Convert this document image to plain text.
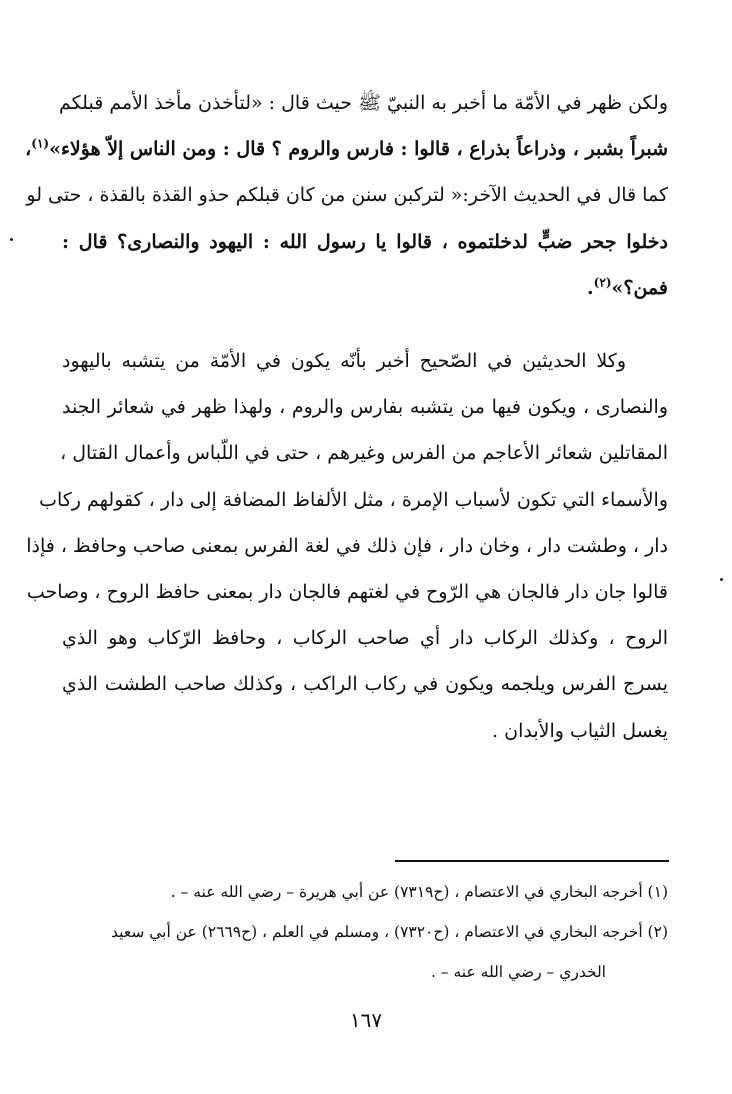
ولكن ظهر في الأمّة ما أخبر به النبيّ ﷺ حيث قال : «لتأخذن مأخذ الأمم قبلكم
شبراً بشبر ، وذراعاً بذراع ، قالوا : فارس والروم ؟ قال : ومن الناس إلاّ هؤلاء»$^{(١)}$،
كما قال في الحديث الآخر:« لتركبن سنن من كان قبلكم حذو القذة بالقذة ، حتى لو
دخلوا جحر ضبٍّ لدخلتموه ، قالوا يا رسول الله : اليهود والنصارى؟ قال :
فمن؟»$^{(٢)}$.
وكلا الحديثين في الصّحيح أخبر بأنّه يكون في الأمّة من يتشبه باليهود
والنصارى ، ويكون فيها من يتشبه بفارس والروم ، ولهذا ظهر في شعائر الجند
المقاتلين شعائر الأعاجم من الفرس وغيرهم ، حتى في اللّباس وأعمال القتال ،
والأسماء التي تكون لأسباب الإمرة ، مثل الألفاظ المضافة إلى دار ، كقولهم ركاب
دار ، وطشت دار ، وخان دار ، فإن ذلك في لغة الفرس بمعنى صاحب وحافظ ، فإذا
قالوا جان دار فالجان هي الرّوح في لغتهم فالجان دار بمعنى حافظ الروح ، وصاحب
الروح ، وكذلك الركاب دار أي صاحب الركاب ، وحافظ الرّكاب وهو الذي
يسرج الفرس ويلجمه ويكون في ركاب الراكب ، وكذلك صاحب الطشت الذي
يغسل الثياب والأبدان .
(١) أخرجه البخاري في الاعتصام ، (ح٧٣١٩) عن أبي هريرة – رضي الله عنه – .
(٢) أخرجه البخاري في الاعتصام ، (ح٧٣٢٠) ، ومسلم في العلم ، (ح٢٦٦٩) عن أبي سعيد
الخدري – رضي الله عنه – .
١٦٧
